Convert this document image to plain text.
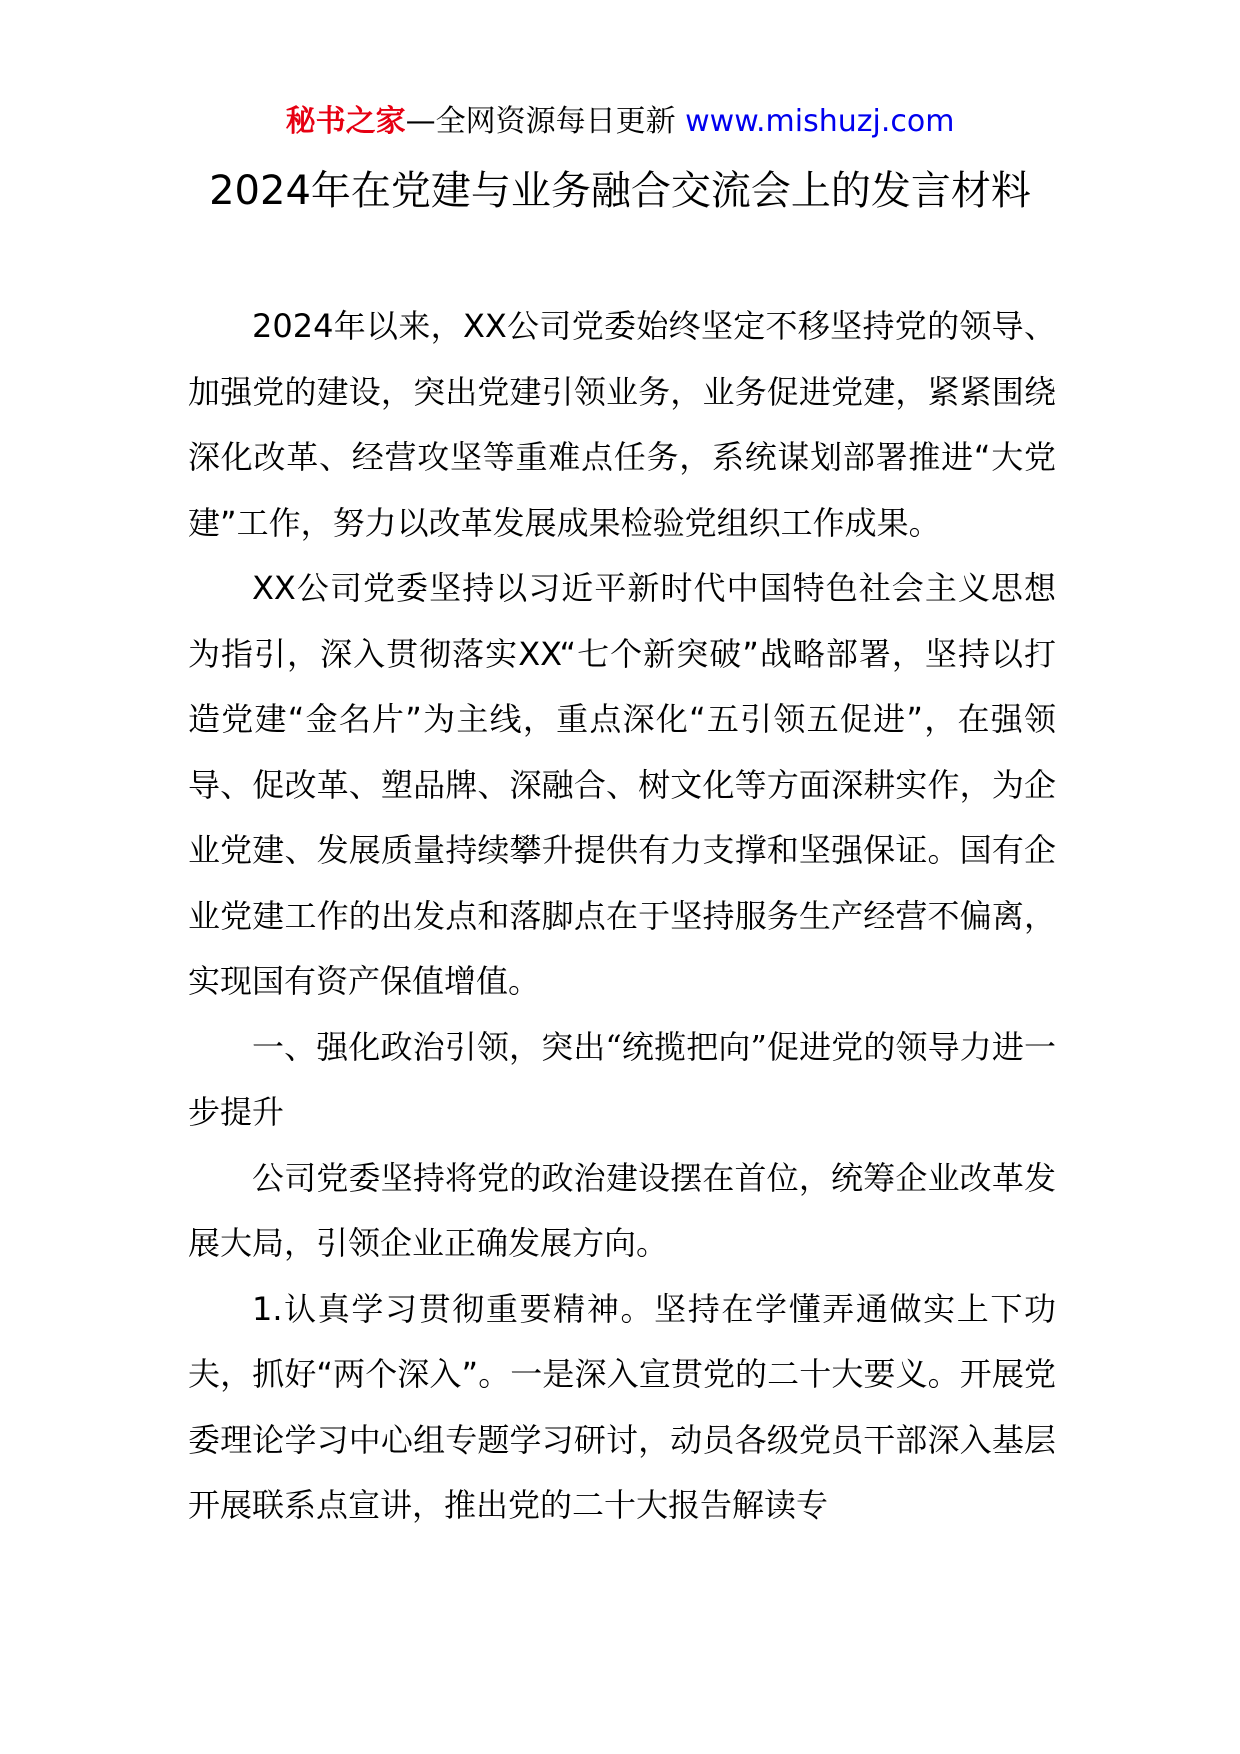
秘书之家—全网资源每日更新 www.mishuzj.com
2024年在党建与业务融合交流会上的发言材料

2024年以来，XX公司党委始终坚定不移坚持党的领导、加强党的建设，突出党建引领业务，业务促进党建，紧紧围绕深化改革、经营攻坚等重难点任务，系统谋划部署推进“大党建”工作，努力以改革发展成果检验党组织工作成果。

XX公司党委坚持以习近平新时代中国特色社会主义思想为指引，深入贯彻落实XX“七个新突破”战略部署，坚持以打造党建“金名片”为主线，重点深化“五引领五促进”，在强领导、促改革、塑品牌、深融合、树文化等方面深耕实作，为企业党建、发展质量持续攀升提供有力支撑和坚强保证。国有企业党建工作的出发点和落脚点在于坚持服务生产经营不偏离，实现国有资产保值增值。

一、强化政治引领，突出“统揽把向”促进党的领导力进一步提升

公司党委坚持将党的政治建设摆在首位，统筹企业改革发展大局，引领企业正确发展方向。

1.认真学习贯彻重要精神。坚持在学懂弄通做实上下功夫，抓好“两个深入”。一是深入宣贯党的二十大要义。开展党委理论学习中心组专题学习研讨，动员各级党员干部深入基层开展联系点宣讲，推出党的二十大报告解读专
